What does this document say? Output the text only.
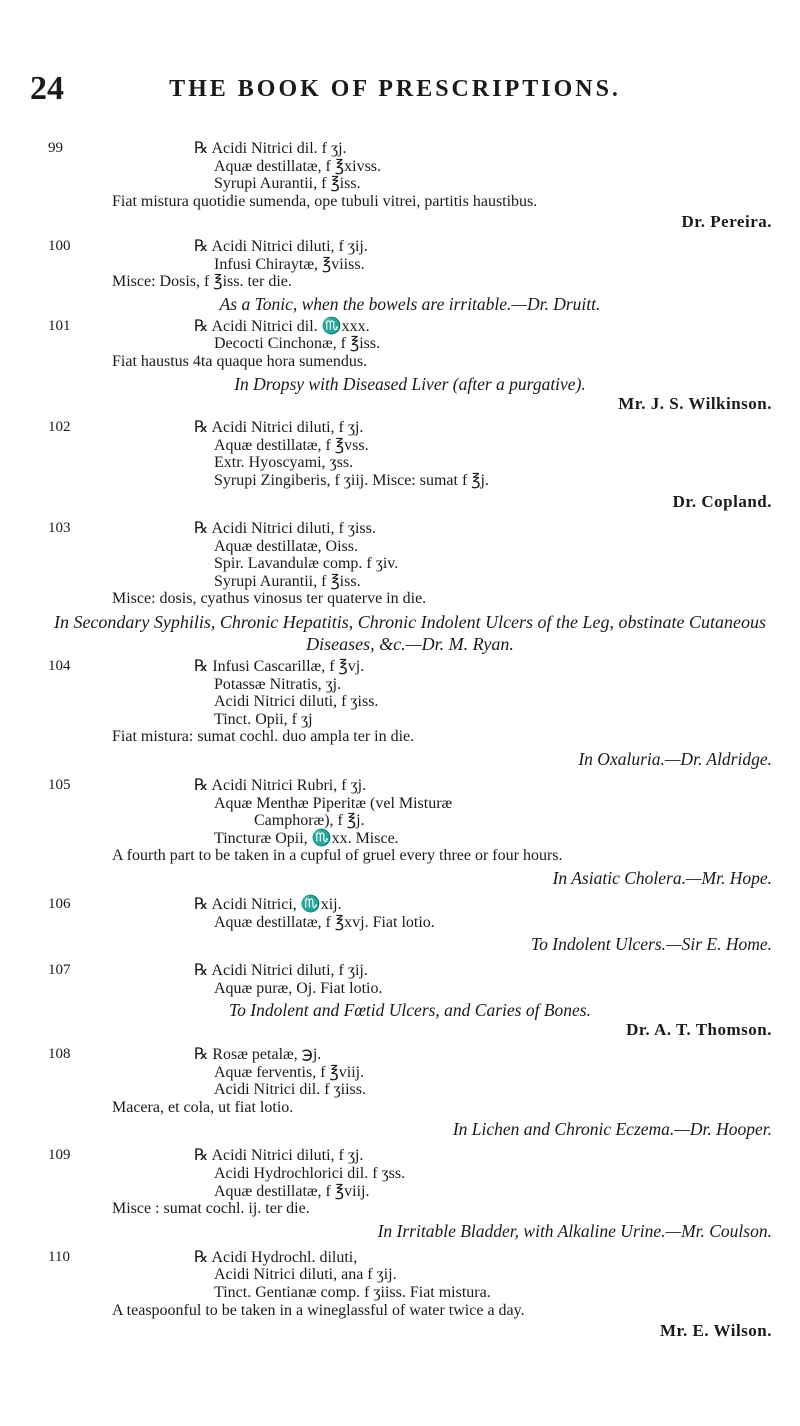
24	THE BOOK OF PRESCRIPTIONS.
99	℞ Acidi Nitrici dil. f ʒj.
Aquæ destillatæ, f ℥xivss.
Syrupi Aurantii, f ℥iss.
Fiat mistura quotidie sumenda, ope tubuli vitrei, partitis haustibus.
Dr. Pereira.
100	℞ Acidi Nitrici diluti, f ʒij.
Infusi Chiraytæ, ℥viiss.
Misce: Dosis, f ℥iss. ter die.
As a Tonic, when the bowels are irritable.—Dr. Druitt.
101	℞ Acidi Nitrici dil. ♏xxx.
Decocti Cinchonæ, f ℥iss.
Fiat haustus 4ta quaque hora sumendus.
In Dropsy with Diseased Liver (after a purgative).
Mr. J. S. Wilkinson.
102	℞ Acidi Nitrici diluti, f ʒj.
Aquæ destillatæ, f ℥vss.
Extr. Hyoscyami, ʒss.
Syrupi Zingiberis, f ʒiij. Misce: sumat f ℥j.
Dr. Copland.
103	℞ Acidi Nitrici diluti, f ʒiss.
Aquæ destillatæ, Oiss.
Spir. Lavandulæ comp. f ʒiv.
Syrupi Aurantii, f ℥iss.
Misce: dosis, cyathus vinosus ter quaterve in die.
In Secondary Syphilis, Chronic Hepatitis, Chronic Indolent Ulcers of the Leg, obstinate Cutaneous Diseases, &c.—Dr. M. Ryan.
104	℞ Infusi Cascarillæ, f ℥vj.
Potassæ Nitratis, ʒj.
Acidi Nitrici diluti, f ʒiss.
Tinct. Opii, f ʒj
Fiat mistura: sumat cochl. duo ampla ter in die.
In Oxaluria.—Dr. Aldridge.
105	℞ Acidi Nitrici Rubri, f ʒj.
Aquæ Menthæ Piperitæ (vel Misturæ
Camphoræ), f ℥j.
Tincturæ Opii, ♏xx. Misce.
A fourth part to be taken in a cupful of gruel every three or four hours.
In Asiatic Cholera.—Mr. Hope.
106	℞ Acidi Nitrici, ♏xij.
Aquæ destillatæ, f ℥xvj. Fiat lotio.
To Indolent Ulcers.—Sir E. Home.
107	℞ Acidi Nitrici diluti, f ʒij.
Aquæ puræ, Oj. Fiat lotio.
To Indolent and Fœtid Ulcers, and Caries of Bones.
Dr. A. T. Thomson.
108	℞ Rosæ petalæ, ℈j.
Aquæ ferventis, f ℥viij.
Acidi Nitrici dil. f ʒiiss.
Macera, et cola, ut fiat lotio.
In Lichen and Chronic Eczema.—Dr. Hooper.
109	℞ Acidi Nitrici diluti, f ʒj.
Acidi Hydrochlorici dil. f ʒss.
Aquæ destillatæ, f ℥viij.
Misce : sumat cochl. ij. ter die.
In Irritable Bladder, with Alkaline Urine.—Mr. Coulson.
110	℞ Acidi Hydrochl. diluti,
Acidi Nitrici diluti, ana f ʒij.
Tinct. Gentianæ comp. f ʒiiss. Fiat mistura.
A teaspoonful to be taken in a wineglassful of water twice a day.
Mr. E. Wilson.
